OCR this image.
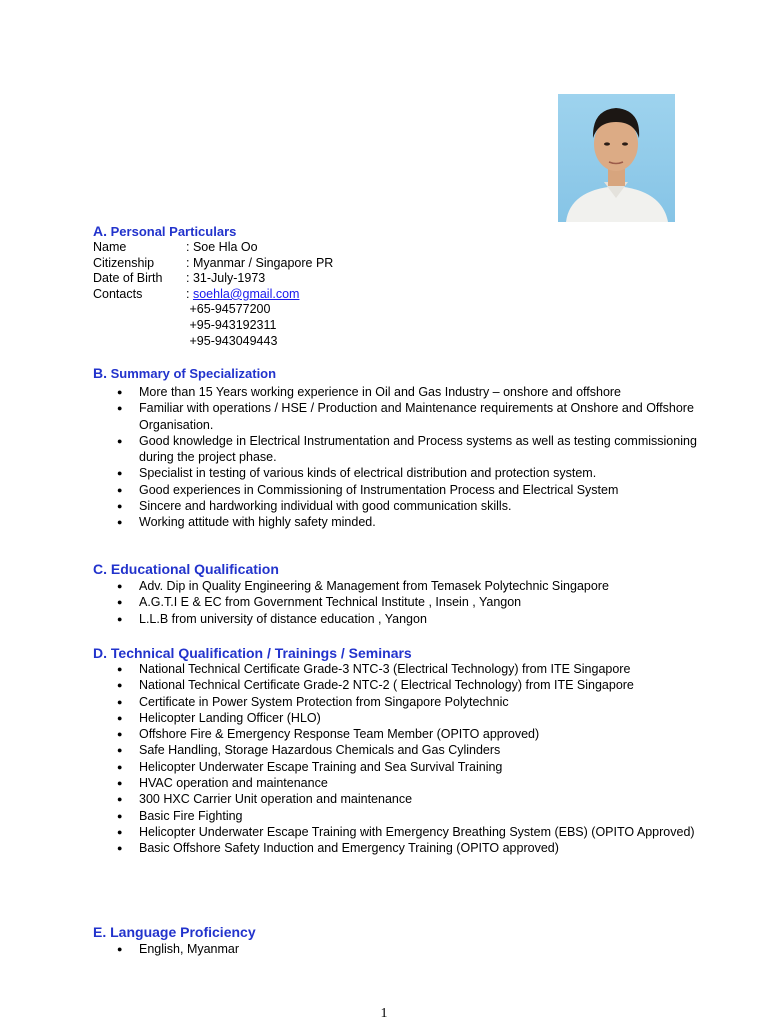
A. Personal Particulars
Name	: Soe Hla Oo
Citizenship	: Myanmar / Singapore PR
Date of Birth	: 31-July-1973
Contacts	: soehla@gmail.com
	+65-94577200
	+95-943192311
	+95-943049443
B. Summary of Specialization
● More than 15 Years working experience in Oil and Gas Industry – onshore and offshore
● Familiar with operations / HSE / Production and Maintenance requirements at Onshore and Offshore Organisation.
● Good knowledge in Electrical Instrumentation and Process systems as well as testing commissioning during the project phase.
● Specialist in testing of various kinds of electrical distribution and protection system.
● Good experiences in Commissioning of Instrumentation Process and Electrical System
● Sincere and hardworking individual with good communication skills.
● Working attitude with highly safety minded.
C. Educational Qualification
● Adv. Dip in Quality Engineering & Management from Temasek Polytechnic Singapore
● A.G.T.I E & EC from Government Technical Institute , Insein , Yangon
● L.L.B from university of distance education , Yangon
D. Technical Qualification / Trainings / Seminars
● National Technical Certificate Grade-3 NTC-3 (Electrical Technology) from ITE Singapore
● National Technical Certificate Grade-2 NTC-2 ( Electrical Technology) from ITE Singapore
● Certificate in Power System Protection from Singapore Polytechnic
● Helicopter Landing Officer (HLO)
● Offshore Fire & Emergency Response Team Member (OPITO approved)
● Safe Handling, Storage Hazardous Chemicals and Gas Cylinders
● Helicopter Underwater Escape Training and Sea Survival Training
● HVAC operation and maintenance
● 300 HXC Carrier Unit operation and maintenance
● Basic Fire Fighting
● Helicopter Underwater Escape Training with Emergency Breathing System (EBS) (OPITO Approved)
● Basic Offshore Safety Induction and Emergency Training (OPITO approved)
E. Language Proficiency
● English, Myanmar
1
